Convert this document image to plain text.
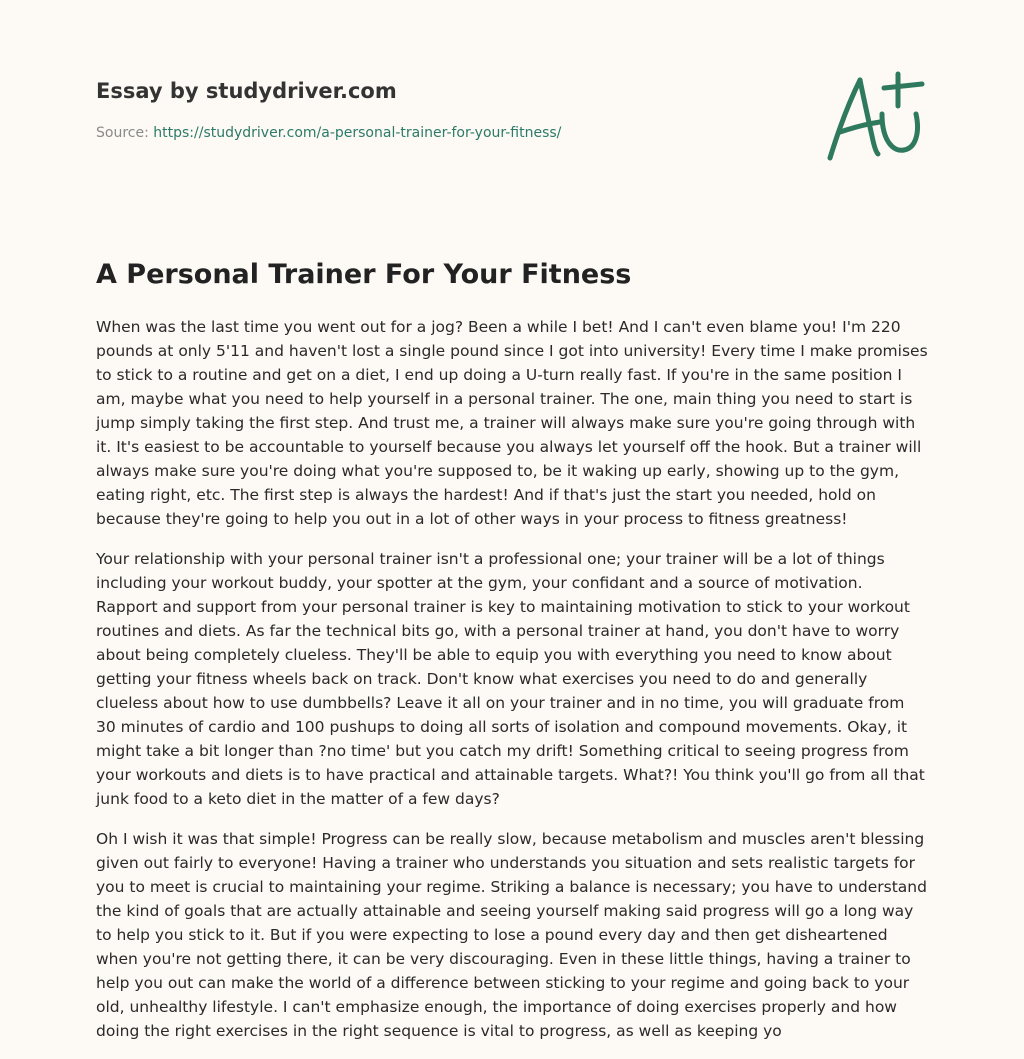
Essay by studydriver.com
Source: https://studydriver.com/a-personal-trainer-for-your-fitness/
A Personal Trainer For Your Fitness

When was the last time you went out for a jog? Been a while I bet! And I can't even blame you! I'm 220 pounds at only 5'11 and haven't lost a single pound since I got into university! Every time I make promises to stick to a routine and get on a diet, I end up doing a U-turn really fast. If you're in the same position I am, maybe what you need to help yourself in a personal trainer. The one, main thing you need to start is jump simply taking the first step. And trust me, a trainer will always make sure you're going through with it. It's easiest to be accountable to yourself because you always let yourself off the hook. But a trainer will always make sure you're doing what you're supposed to, be it waking up early, showing up to the gym, eating right, etc. The first step is always the hardest! And if that's just the start you needed, hold on because they're going to help you out in a lot of other ways in your process to fitness greatness!

Your relationship with your personal trainer isn't a professional one; your trainer will be a lot of things including your workout buddy, your spotter at the gym, your confidant and a source of motivation. Rapport and support from your personal trainer is key to maintaining motivation to stick to your workout routines and diets. As far the technical bits go, with a personal trainer at hand, you don't have to worry about being completely clueless. They'll be able to equip you with everything you need to know about getting your fitness wheels back on track. Don't know what exercises you need to do and generally clueless about how to use dumbbells? Leave it all on your trainer and in no time, you will graduate from 30 minutes of cardio and 100 pushups to doing all sorts of isolation and compound movements. Okay, it might take a bit longer than ?no time' but you catch my drift! Something critical to seeing progress from your workouts and diets is to have practical and attainable targets. What?! You think you'll go from all that junk food to a keto diet in the matter of a few days?

Oh I wish it was that simple! Progress can be really slow, because metabolism and muscles aren't blessing given out fairly to everyone! Having a trainer who understands you situation and sets realistic targets for you to meet is crucial to maintaining your regime. Striking a balance is necessary; you have to understand the kind of goals that are actually attainable and seeing yourself making said progress will go a long way to help you stick to it. But if you were expecting to lose a pound every day and then get disheartened when you're not getting there, it can be very discouraging. Even in these little things, having a trainer to help you out can make the world of a difference between sticking to your regime and going back to your old, unhealthy lifestyle. I can't emphasize enough, the importance of doing exercises properly and how doing the right exercises in the right sequence is vital to progress, as well as keeping yo
